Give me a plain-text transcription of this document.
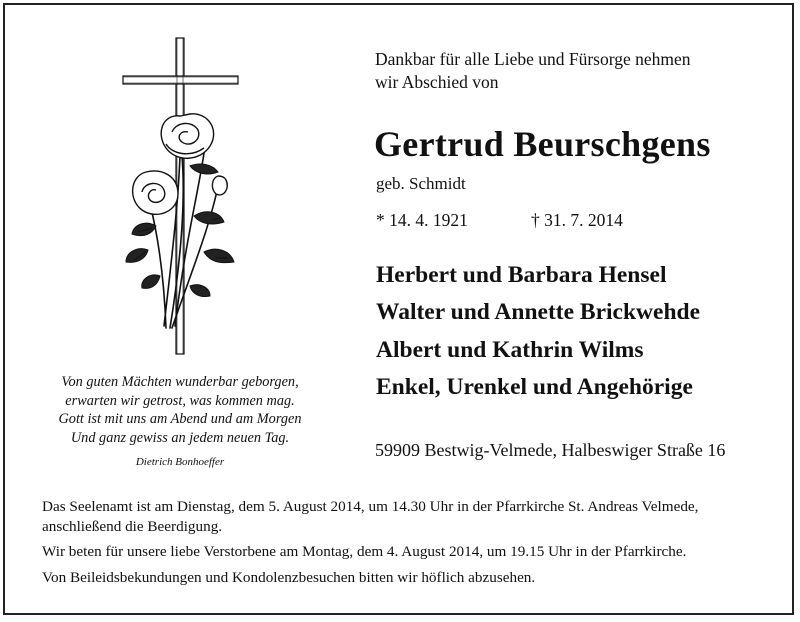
Von guten Mächten wunderbar geborgen,
erwarten wir getrost, was kommen mag.
Gott ist mit uns am Abend und am Morgen
Und ganz gewiss an jedem neuen Tag.
Dietrich Bonhoeffer
Dankbar für alle Liebe und Fürsorge nehmen
wir Abschied von
Gertrud Beurschgens
geb. Schmidt
* 14. 4. 1921	† 31. 7. 2014
Herbert und Barbara Hensel
Walter und Annette Brickwehde
Albert und Kathrin Wilms
Enkel, Urenkel und Angehörige
59909 Bestwig-Velmede, Halbeswiger Straße 16

Das Seelenamt ist am Dienstag, dem 5. August 2014, um 14.30 Uhr in der Pfarrkirche St. Andreas Velmede, anschließend die Beerdigung.

Wir beten für unsere liebe Verstorbene am Montag, dem 4. August 2014, um 19.15 Uhr in der Pfarrkirche.

Von Beileidsbekundungen und Kondolenzbesuchen bitten wir höflich abzusehen.
